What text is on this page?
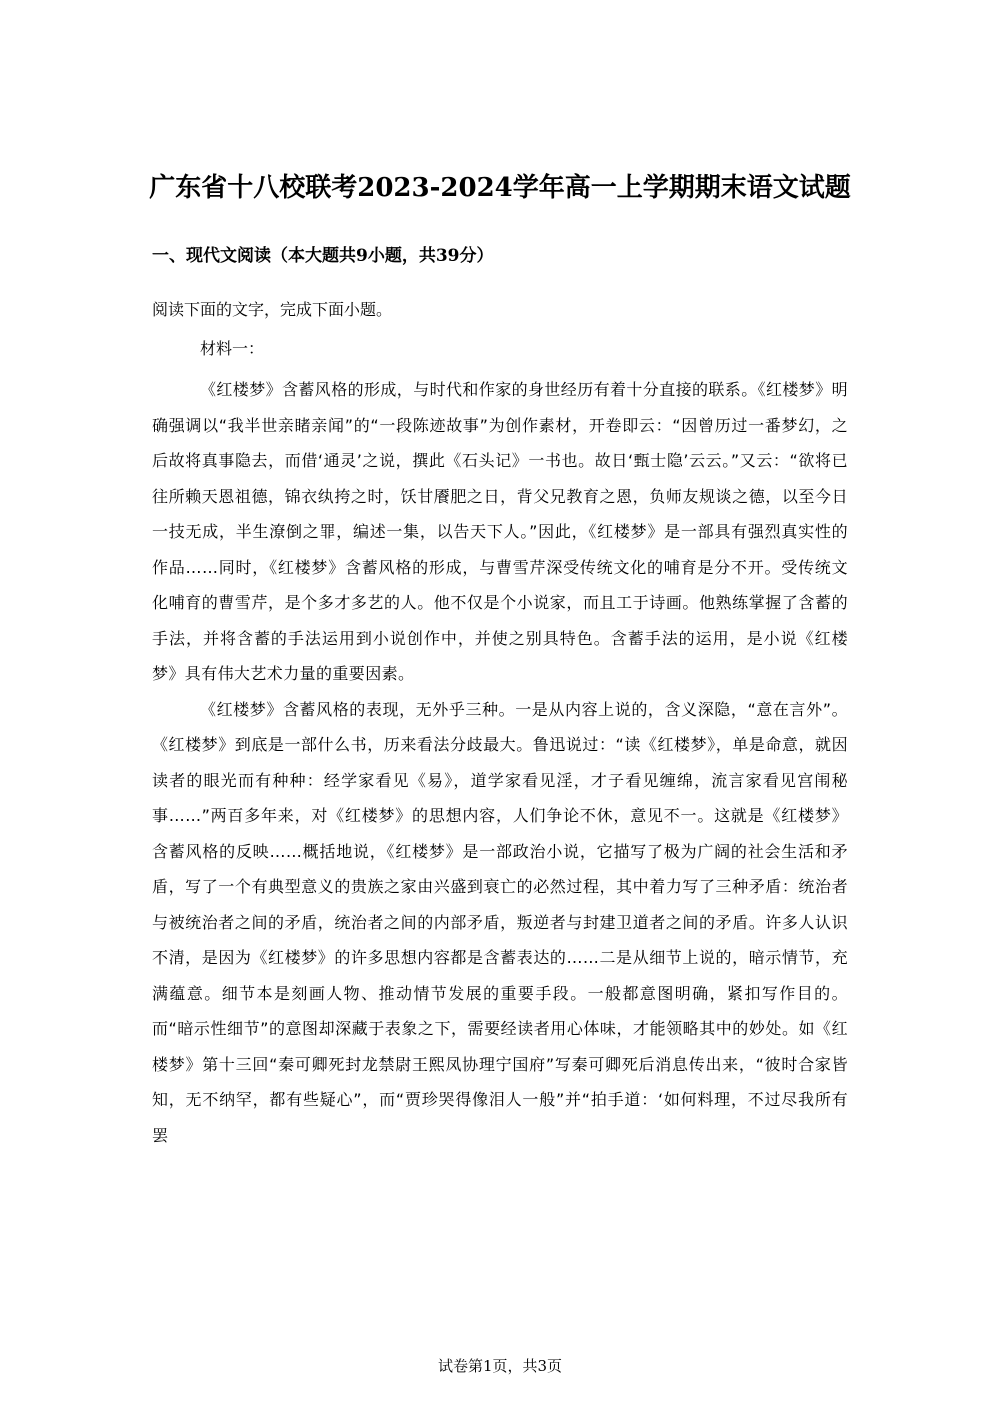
广东省十八校联考2023-2024学年高一上学期期末语文试题
一、现代文阅读（本大题共9小题，共39分）
阅读下面的文字，完成下面小题。
材料一：

《红楼梦》含蓄风格的形成，与时代和作家的身世经历有着十分直接的联系。《红楼梦》明确强调以“我半世亲睹亲闻”的“一段陈迹故事”为创作素材，开卷即云：“因曾历过一番梦幻，之后故将真事隐去，而借‘通灵’之说，撰此《石头记》一书也。故日‘甄士隐’云云。”又云：“欲将已往所赖天恩祖德，锦衣纨挎之时，饫甘餍肥之日，背父兄教育之恩，负师友规谈之德，以至今日一技无成，半生潦倒之罪，编述一集，以告天下人。”因此，《红楼梦》是一部具有强烈真实性的作品……同时，《红楼梦》含蓄风格的形成，与曹雪芹深受传统文化的哺育是分不开。受传统文化哺育的曹雪芹，是个多才多艺的人。他不仅是个小说家，而且工于诗画。他熟练掌握了含蓄的手法，并将含蓄的手法运用到小说创作中，并使之别具特色。含蓄手法的运用，是小说《红楼梦》具有伟大艺术力量的重要因素。

《红楼梦》含蓄风格的表现，无外乎三种。一是从内容上说的，含义深隐，“意在言外”。《红楼梦》到底是一部什么书，历来看法分歧最大。鲁迅说过：“读《红楼梦》，单是命意，就因读者的眼光而有种种：经学家看见《易》，道学家看见淫，才子看见缠绵，流言家看见宫闱秘事……”两百多年来，对《红楼梦》的思想内容，人们争论不休，意见不一。这就是《红楼梦》含蓄风格的反映……概括地说，《红楼梦》是一部政治小说，它描写了极为广阔的社会生活和矛盾，写了一个有典型意义的贵族之家由兴盛到衰亡的必然过程，其中着力写了三种矛盾：统治者与被统治者之间的矛盾，统治者之间的内部矛盾，叛逆者与封建卫道者之间的矛盾。许多人认识不清，是因为《红楼梦》的许多思想内容都是含蓄表达的……二是从细节上说的，暗示情节，充满蕴意。细节本是刻画人物、推动情节发展的重要手段。一般都意图明确，紧扣写作目的。而“暗示性细节”的意图却深藏于表象之下，需要经读者用心体味，才能领略其中的妙处。如《红楼梦》第十三回“秦可卿死封龙禁尉王熙凤协理宁国府”写秦可卿死后消息传出来，“彼时合家皆知，无不纳罕，都有些疑心”，而“贾珍哭得像泪人一般”并“拍手道：‘如何料理，不过尽我所有罢

试卷第1页，共3页
